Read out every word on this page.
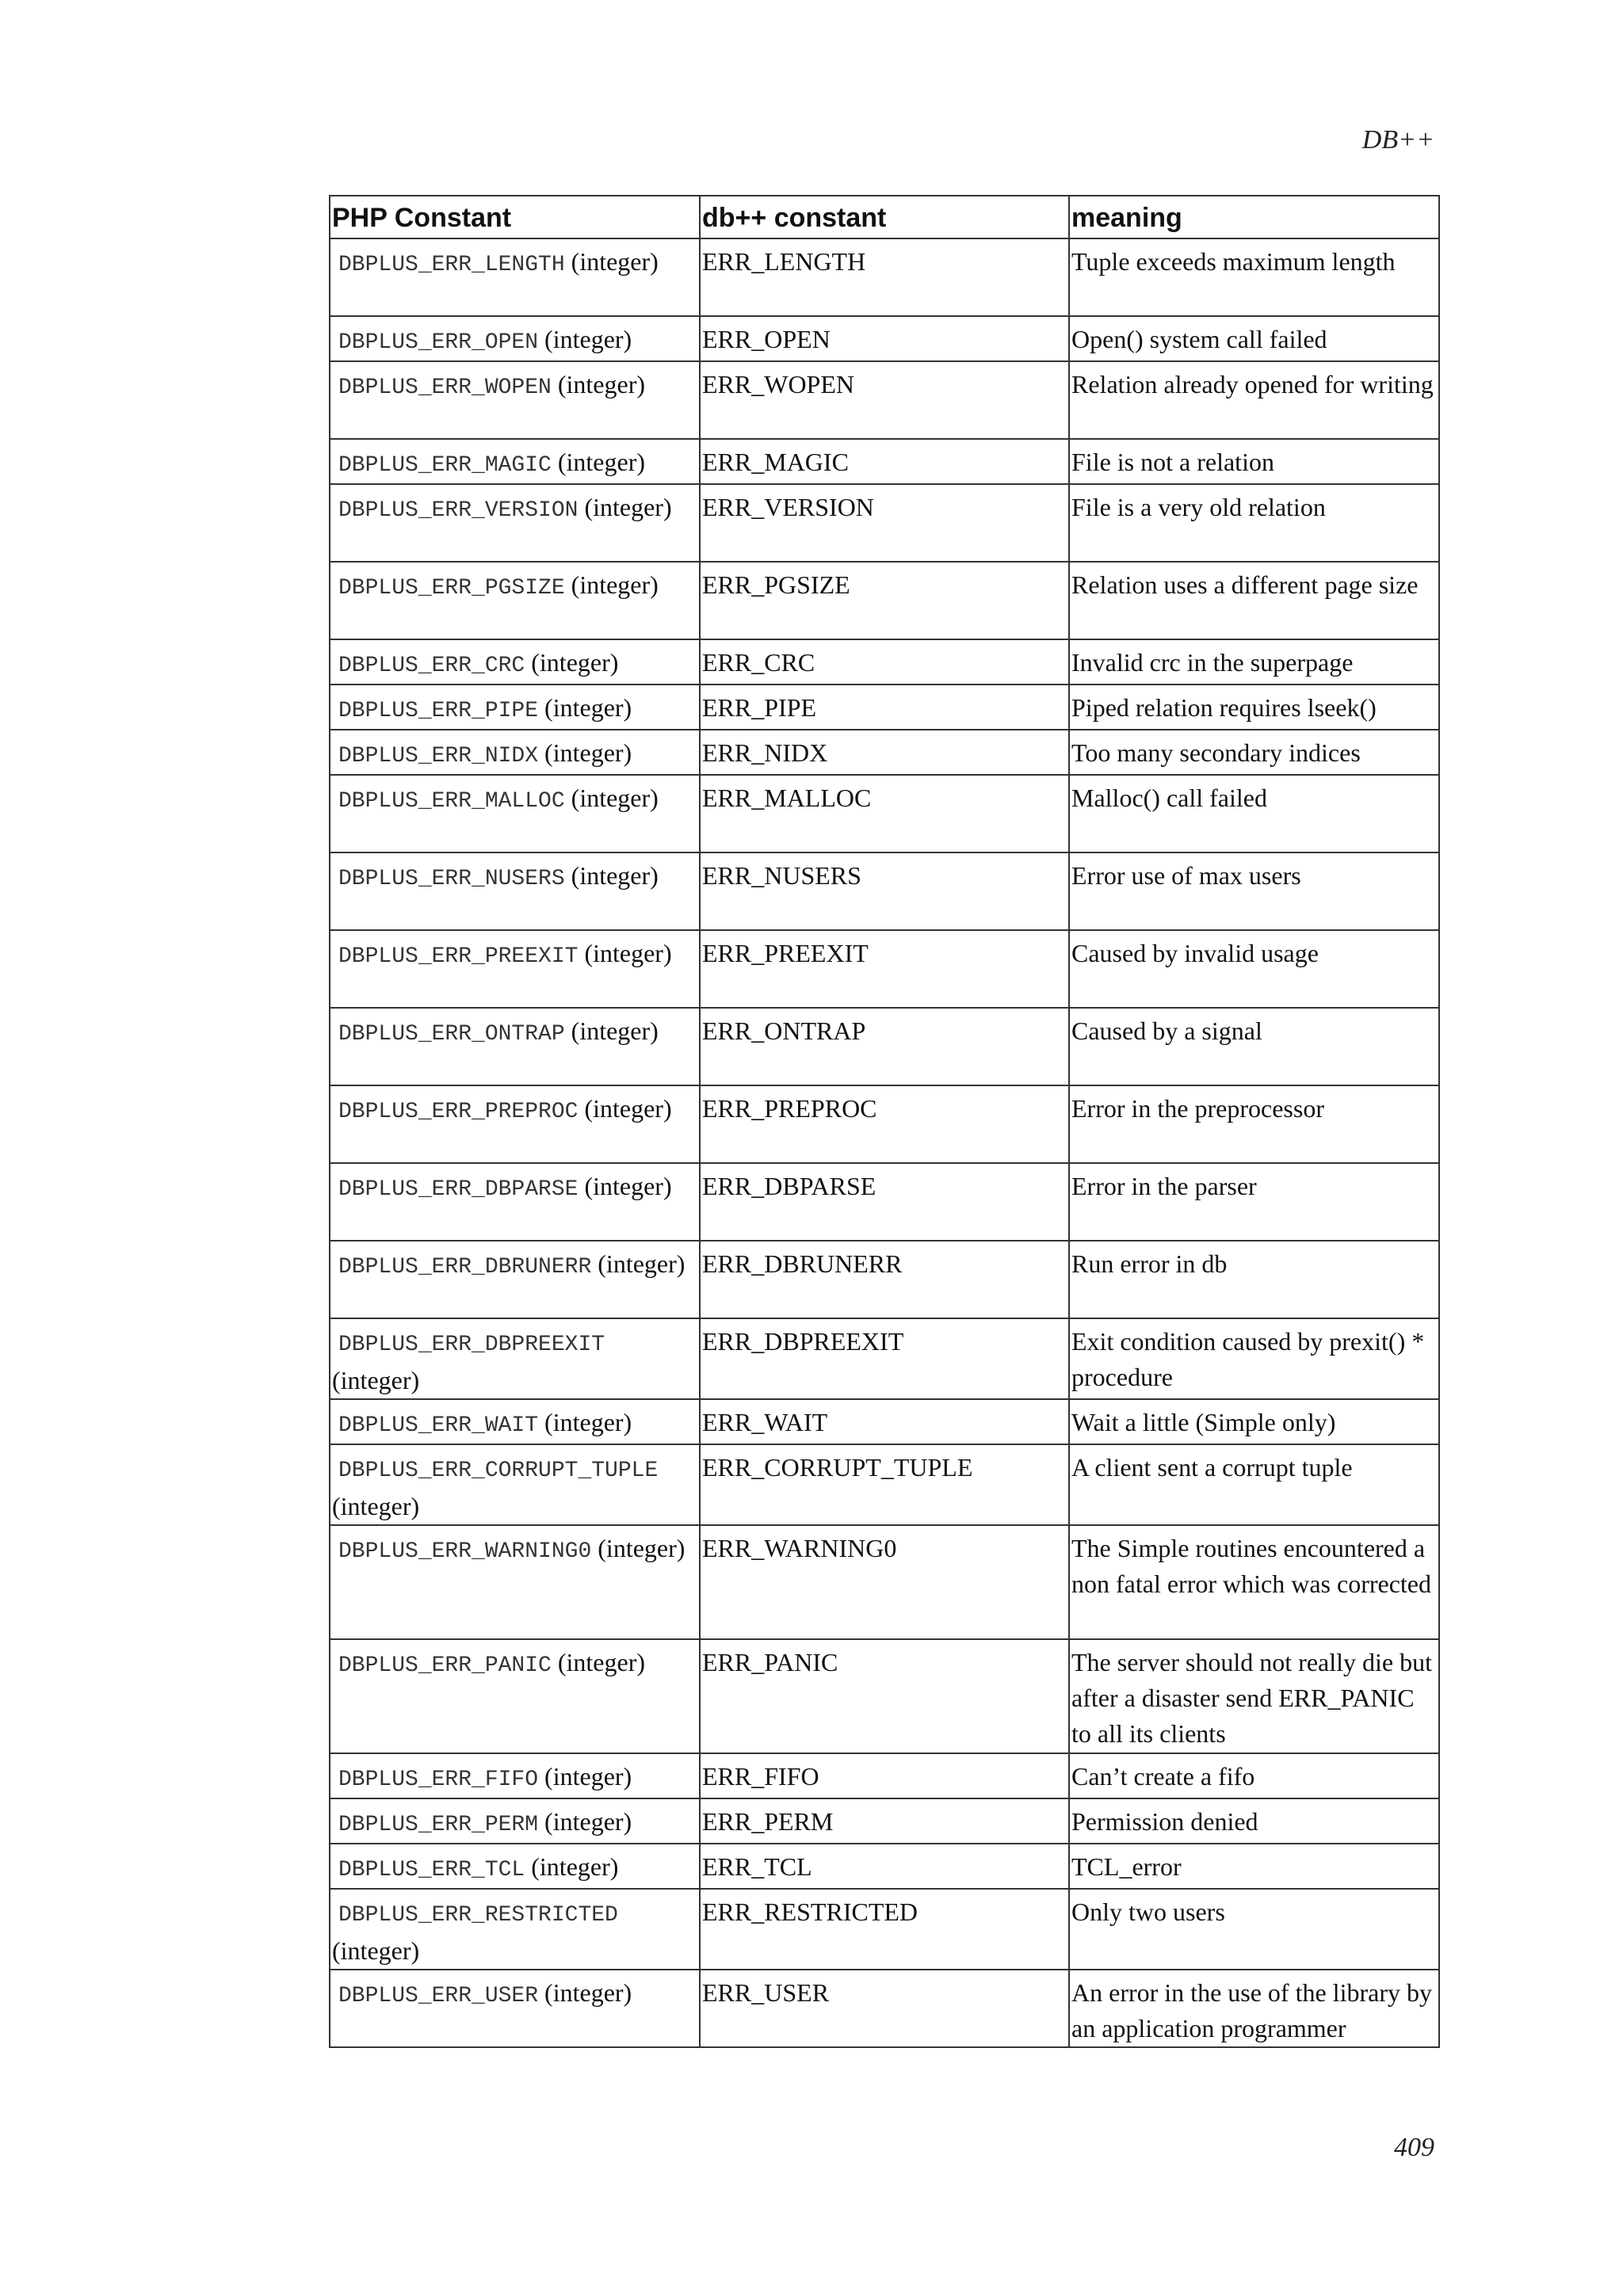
DB++
PHP Constant	db++ constant	meaning
DBPLUS_ERR_LENGTH (integer)	ERR_LENGTH	Tuple exceeds maximum length
DBPLUS_ERR_OPEN (integer)	ERR_OPEN	Open() system call failed
DBPLUS_ERR_WOPEN (integer)	ERR_WOPEN	Relation already opened for writing
DBPLUS_ERR_MAGIC (integer)	ERR_MAGIC	File is not a relation
DBPLUS_ERR_VERSION (integer)	ERR_VERSION	File is a very old relation
DBPLUS_ERR_PGSIZE (integer)	ERR_PGSIZE	Relation uses a different page size
DBPLUS_ERR_CRC (integer)	ERR_CRC	Invalid crc in the superpage
DBPLUS_ERR_PIPE (integer)	ERR_PIPE	Piped relation requires lseek()
DBPLUS_ERR_NIDX (integer)	ERR_NIDX	Too many secondary indices
DBPLUS_ERR_MALLOC (integer)	ERR_MALLOC	Malloc() call failed
DBPLUS_ERR_NUSERS (integer)	ERR_NUSERS	Error use of max users
DBPLUS_ERR_PREEXIT (integer)	ERR_PREEXIT	Caused by invalid usage
DBPLUS_ERR_ONTRAP (integer)	ERR_ONTRAP	Caused by a signal
DBPLUS_ERR_PREPROC (integer)	ERR_PREPROC	Error in the preprocessor
DBPLUS_ERR_DBPARSE (integer)	ERR_DBPARSE	Error in the parser
DBPLUS_ERR_DBRUNERR (integer)	ERR_DBRUNERR	Run error in db
DBPLUS_ERR_DBPREEXIT (integer)	ERR_DBPREEXIT	Exit condition caused by prexit() * procedure
DBPLUS_ERR_WAIT (integer)	ERR_WAIT	Wait a little (Simple only)
DBPLUS_ERR_CORRUPT_TUPLE (integer)	ERR_CORRUPT_TUPLE	A client sent a corrupt tuple
DBPLUS_ERR_WARNING0 (integer)	ERR_WARNING0	The Simple routines encountered a non fatal error which was corrected
DBPLUS_ERR_PANIC (integer)	ERR_PANIC	The server should not really die but after a disaster send ERR_PANIC to all its clients
DBPLUS_ERR_FIFO (integer)	ERR_FIFO	Can’t create a fifo
DBPLUS_ERR_PERM (integer)	ERR_PERM	Permission denied
DBPLUS_ERR_TCL (integer)	ERR_TCL	TCL_error
DBPLUS_ERR_RESTRICTED (integer)	ERR_RESTRICTED	Only two users
DBPLUS_ERR_USER (integer)	ERR_USER	An error in the use of the library by an application programmer
409
